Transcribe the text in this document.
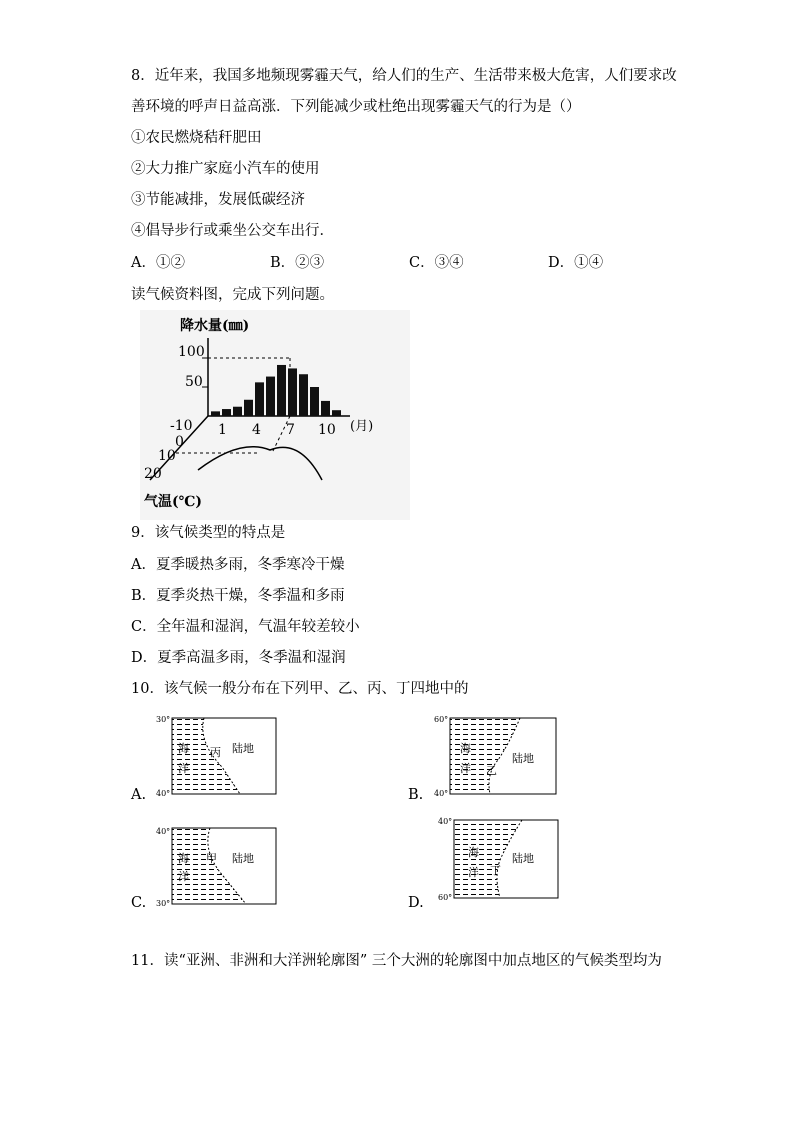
8．近年来，我国多地频现雾霾天气，给人们的生产、生活带来极大危害，人们要求改
善环境的呼声日益高涨．下列能减少或杜绝出现雾霾天气的行为是（）
①农民燃烧秸秆肥田
②大力推广家庭小汽车的使用
③节能减排，发展低碳经济
④倡导步行或乘坐公交车出行．
A．①②	B．②③	C．③④	D．①④
读气候资料图，完成下列问题。
降水量(㎜)
100
50
1 4 7 10 (月)
-10
0
10
20
气温(℃)
9．该气候类型的特点是
A．夏季暖热多雨，冬季寒冷干燥
B．夏季炎热干燥，冬季温和多雨
C．全年温和湿润，气温年较差较小
D．夏季高温多雨，冬季温和湿润
10．该气候一般分布在下列甲、乙、丙、丁四地中的
A.
30°
40°
海
洋
丙 陆地
B.
60°
40°
海
洋 乙
陆地
C.
40°
30°
海
洋
甲 陆地
D.
40°
60°
海
洋 丁
陆地
11．读“亚洲、非洲和大洋洲轮廓图” 三个大洲的轮廓图中加点地区的气候类型均为
